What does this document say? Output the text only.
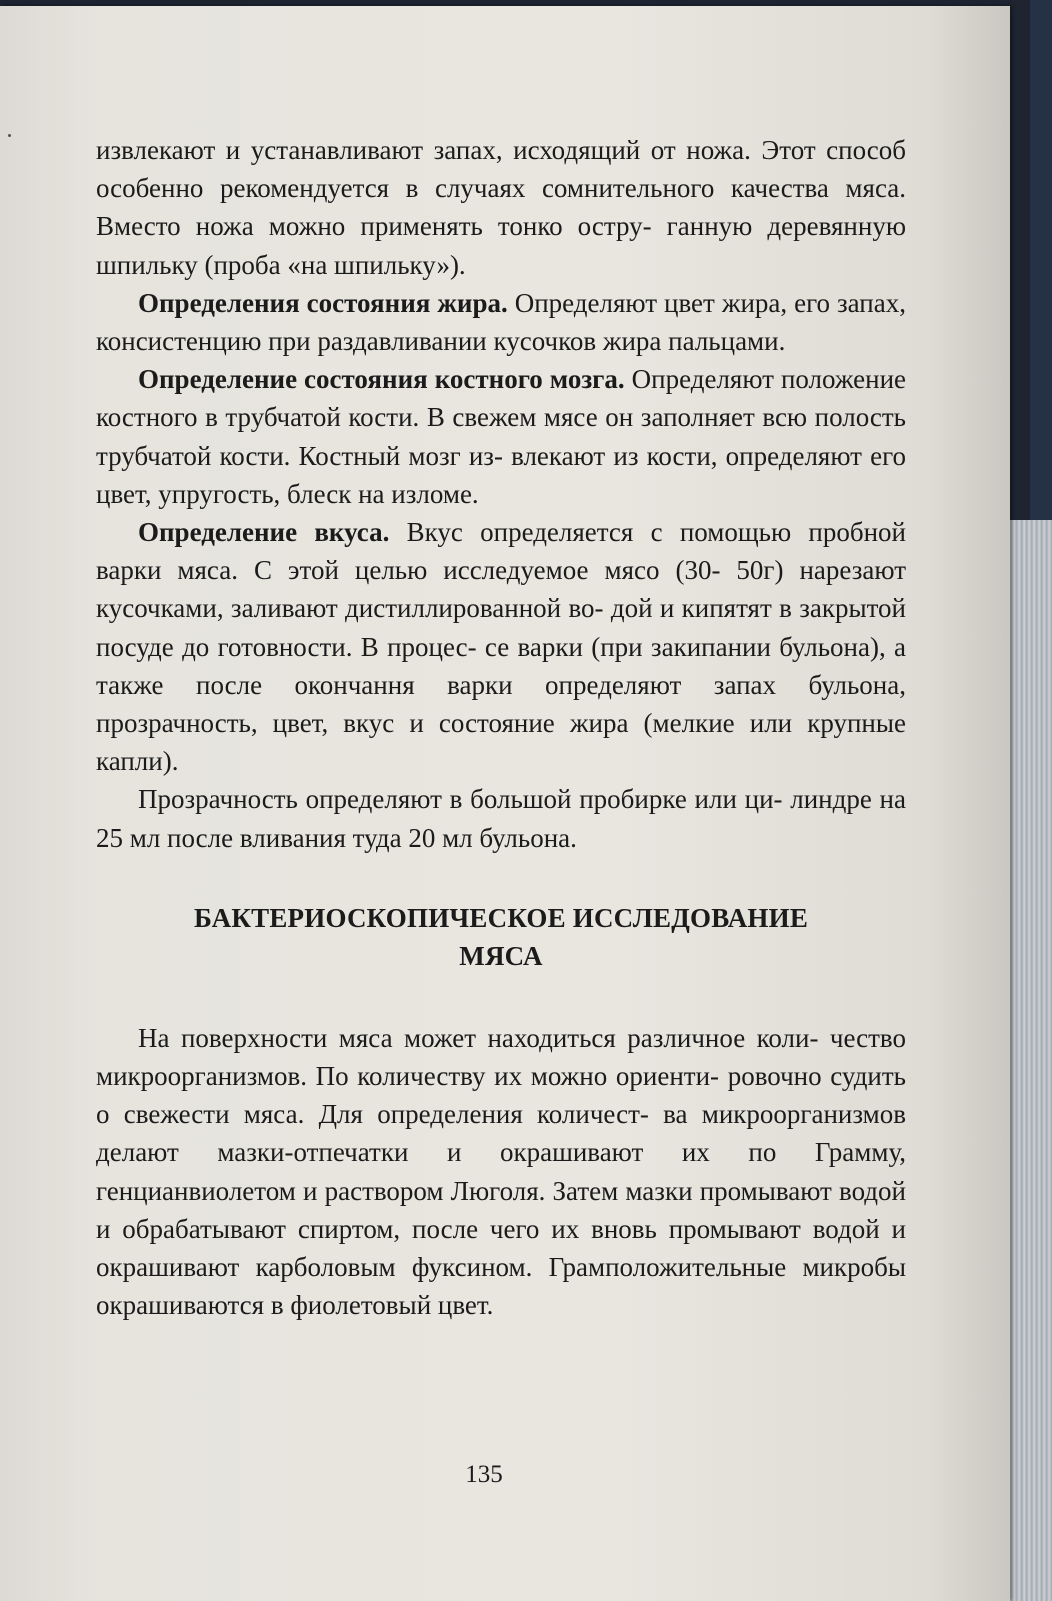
извлекают и устанавливают запах, исходящий от ножа. Этот способ особенно рекомендуется в случаях сомнительного качества мяса. Вместо ножа можно применять тонко остру- ганную деревянную шпильку (проба «на шпильку»).

Определения состояния жира. Определяют цвет жира, его запах, консистенцию при раздавливании кусочков жира пальцами.

Определение состояния костного мозга. Определяют положение костного в трубчатой кости. В свежем мясе он заполняет всю полость трубчатой кости. Костный мозг из- влекают из кости, определяют его цвет, упругость, блеск на изломе.

Определение вкуса. Вкус определяется с помощью пробной варки мяса. С этой целью исследуемое мясо (30- 50г) нарезают кусочками, заливают дистиллированной во- дой и кипятят в закрытой посуде до готовности. В процес- се варки (при закипании бульона), а также после окончання варки определяют запах бульона, прозрачность, цвет, вкус и состояние жира (мелкие или крупные капли).

Прозрачность определяют в большой пробирке или ци- линдре на 25 мл после вливания туда 20 мл бульона.

БАКТЕРИОСКОПИЧЕСКОЕ ИССЛЕДОВАНИЕ
МЯСА

На поверхности мяса может находиться различное коли- чество микроорганизмов. По количеству их можно ориенти- ровочно судить о свежести мяса. Для определения количест- ва микроорганизмов делают мазки-отпечатки и окрашивают их по Грамму, генцианвиолетом и раствором Люголя. Затем мазки промывают водой и обрабатывают спиртом, после чего их вновь промывают водой и окрашивают карболовым фуксином. Грамположительные микробы окрашиваются в фиолетовый цвет.

135
